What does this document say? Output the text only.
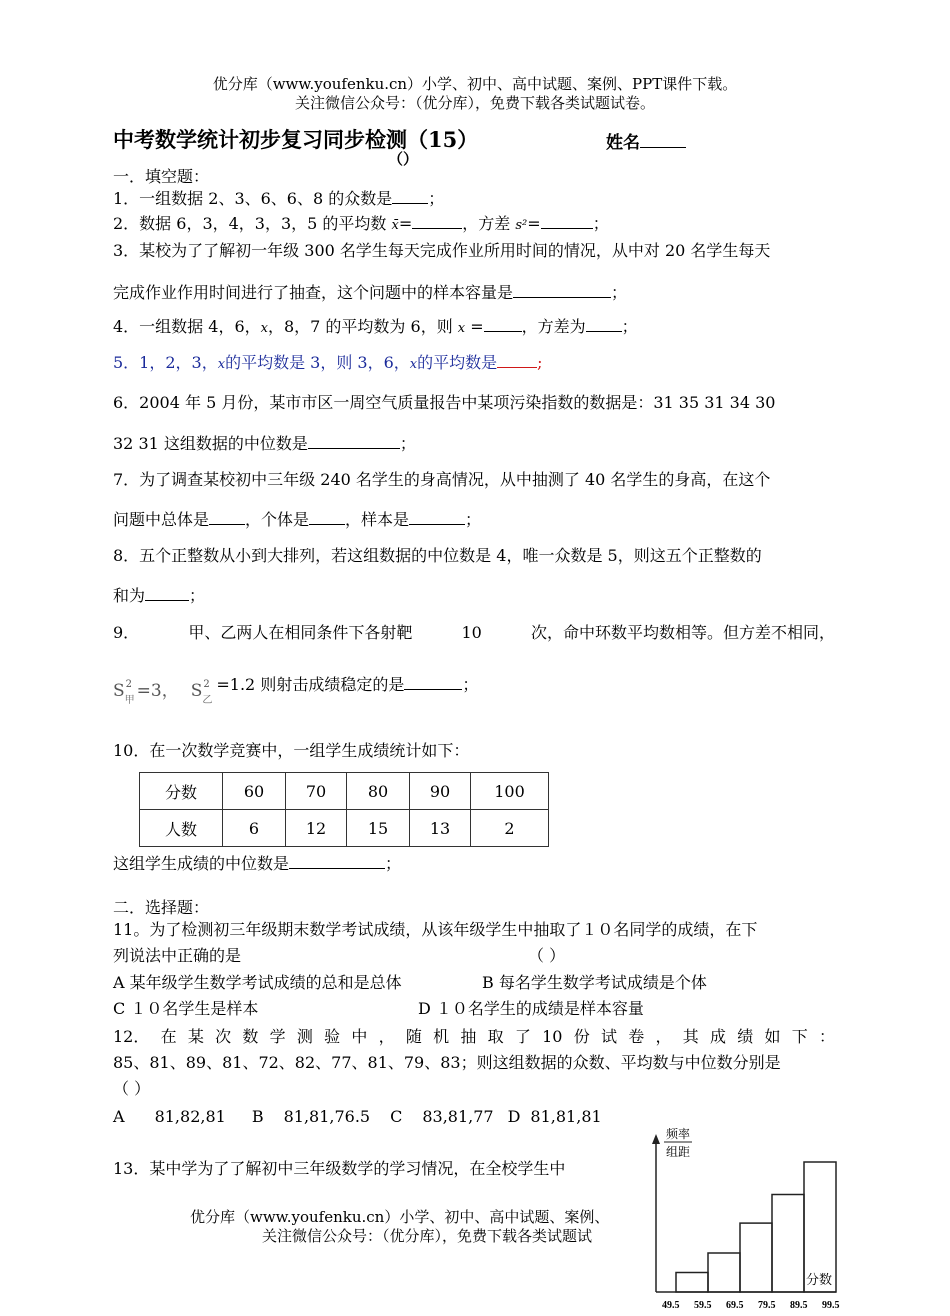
优分库（www.youfenku.cn）小学、初中、高中试题、案例、PPT课件下载。
关注微信公众号：（优分库），免费下载各类试题试卷。
中考数学统计初步复习同步检测（15）	姓名
（）
一．填空题：
1．一组数据 2、3、6、6、8 的众数是 ；
2．数据 6，3，4，3，3，5 的平均数 x̄=	，方差 s²=	；
3．某校为了了解初一年级 300 名学生每天完成作业所用时间的情况，从中对 20 名学生每天
完成作业作用时间进行了抽查，这个问题中的样本容量是	；
4．一组数据 4，6，x，8，7 的平均数为 6，则 x = ，方差为 ；
5．1，2，3，x的平均数是 3，则 3，6，x的平均数是	;
6．2004 年 5 月份，某市市区一周空气质量报告中某项污染指数的数据是：31 35 31 34 30
32 31 这组数据的中位数是	；
7．为了调查某校初中三年级 240 名学生的身高情况，从中抽测了 40 名学生的身高，在这个
问题中总体是 ，个体是 ，样本是	；
8．五个正整数从小到大排列，若这组数据的中位数是 4，唯一众数是 5，则这五个正整数的
和为	；
9．	甲、乙两人在相同条件下各射靶	10	次，命中环数平均数相等。但方差不相同，
S 2
甲 =3， S 2
乙
=1.2 则射击成绩稳定的是	；
10．在一次数学竞赛中，一组学生成绩统计如下：
分数	60	70	80	90	100
人数	6	12	15	13	2
这组学生成绩的中位数是	；
二．选择题：
11。为了检测初三年级期末数学考试成绩，从该年级学生中抽取了１０名同学的成绩，在下
列说法中正确的是	（ ）
A 某年级学生数学考试成绩的总和是总体	B 每名学生数学考试成绩是个体
C １０名学生是样本	D １０名学生的成绩是样本容量
12． 在 某 次 数 学 测 验 中 ， 随 机 抽 取 了 10 份 试 卷 ， 其 成 绩 如 下 ：
85、81、89、81、72、82、77、81、79、83；则这组数据的众数、平均数与中位数分别是
（ ）
A 81,82,81 B 81,81,76.5 C 83,81,77 D 81,81,81
13．某中学为了了解初中三年级数学的学习情况，在全校学生中
优分库（www.youfenku.cn）小学、初中、高中试题、案例、
关注微信公众号：（优分库），免费下载各类试题试
频率
组距
分数
49.5 59.5 69.5 79.5 89.5 99.5
